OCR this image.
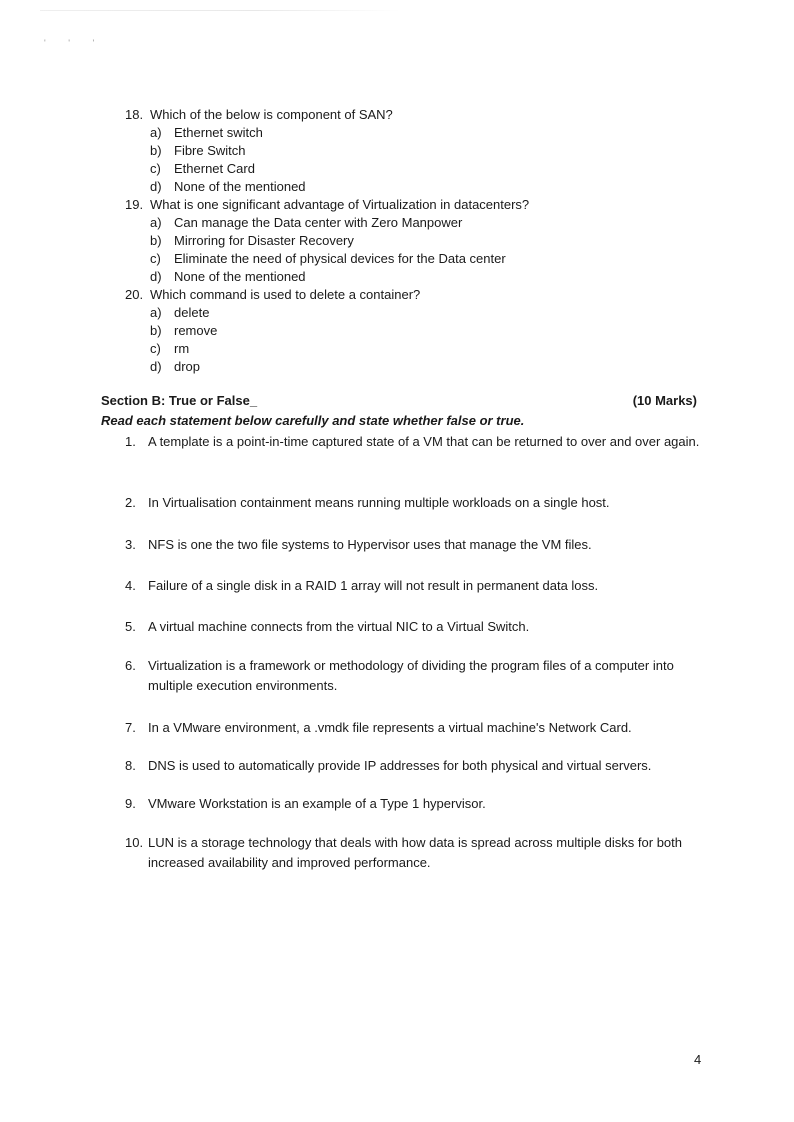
' ' '
18. Which of the below is component of SAN?
a) Ethernet switch
b) Fibre Switch
c)	Ethernet Card
d) None of the mentioned
19. What is one significant advantage of Virtualization in datacenters?
a) Can manage the Data center with Zero Manpower
b) Mirroring for Disaster Recovery
c)	Eliminate the need of physical devices for the Data center
d) None of the mentioned
20. Which command is used to delete a container?
a) delete
b) remove
c)	rm
d) drop
Section B: True or False_	(10 Marks)
Read each statement below carefully and state whether false or true.
1. A template is a point-in-time captured state of a VM that can be returned to over and over again.
2. In Virtualisation containment means running multiple workloads on a single host.
3. NFS is one the two file systems to Hypervisor uses that manage the VM files.
4. Failure of a single disk in a RAID 1 array will not result in permanent data loss.
5. A virtual machine connects from the virtual NIC to a Virtual Switch.
6. Virtualization is a framework or methodology of dividing the program files of a computer into multiple execution environments.
7. In a VMware environment, a .vmdk file represents a virtual machine's Network Card.
8. DNS is used to automatically provide IP addresses for both physical and virtual servers.
9. VMware Workstation is an example of a Type 1 hypervisor.
10. LUN is a storage technology that deals with how data is spread across multiple disks for both increased availability and improved performance.
4
